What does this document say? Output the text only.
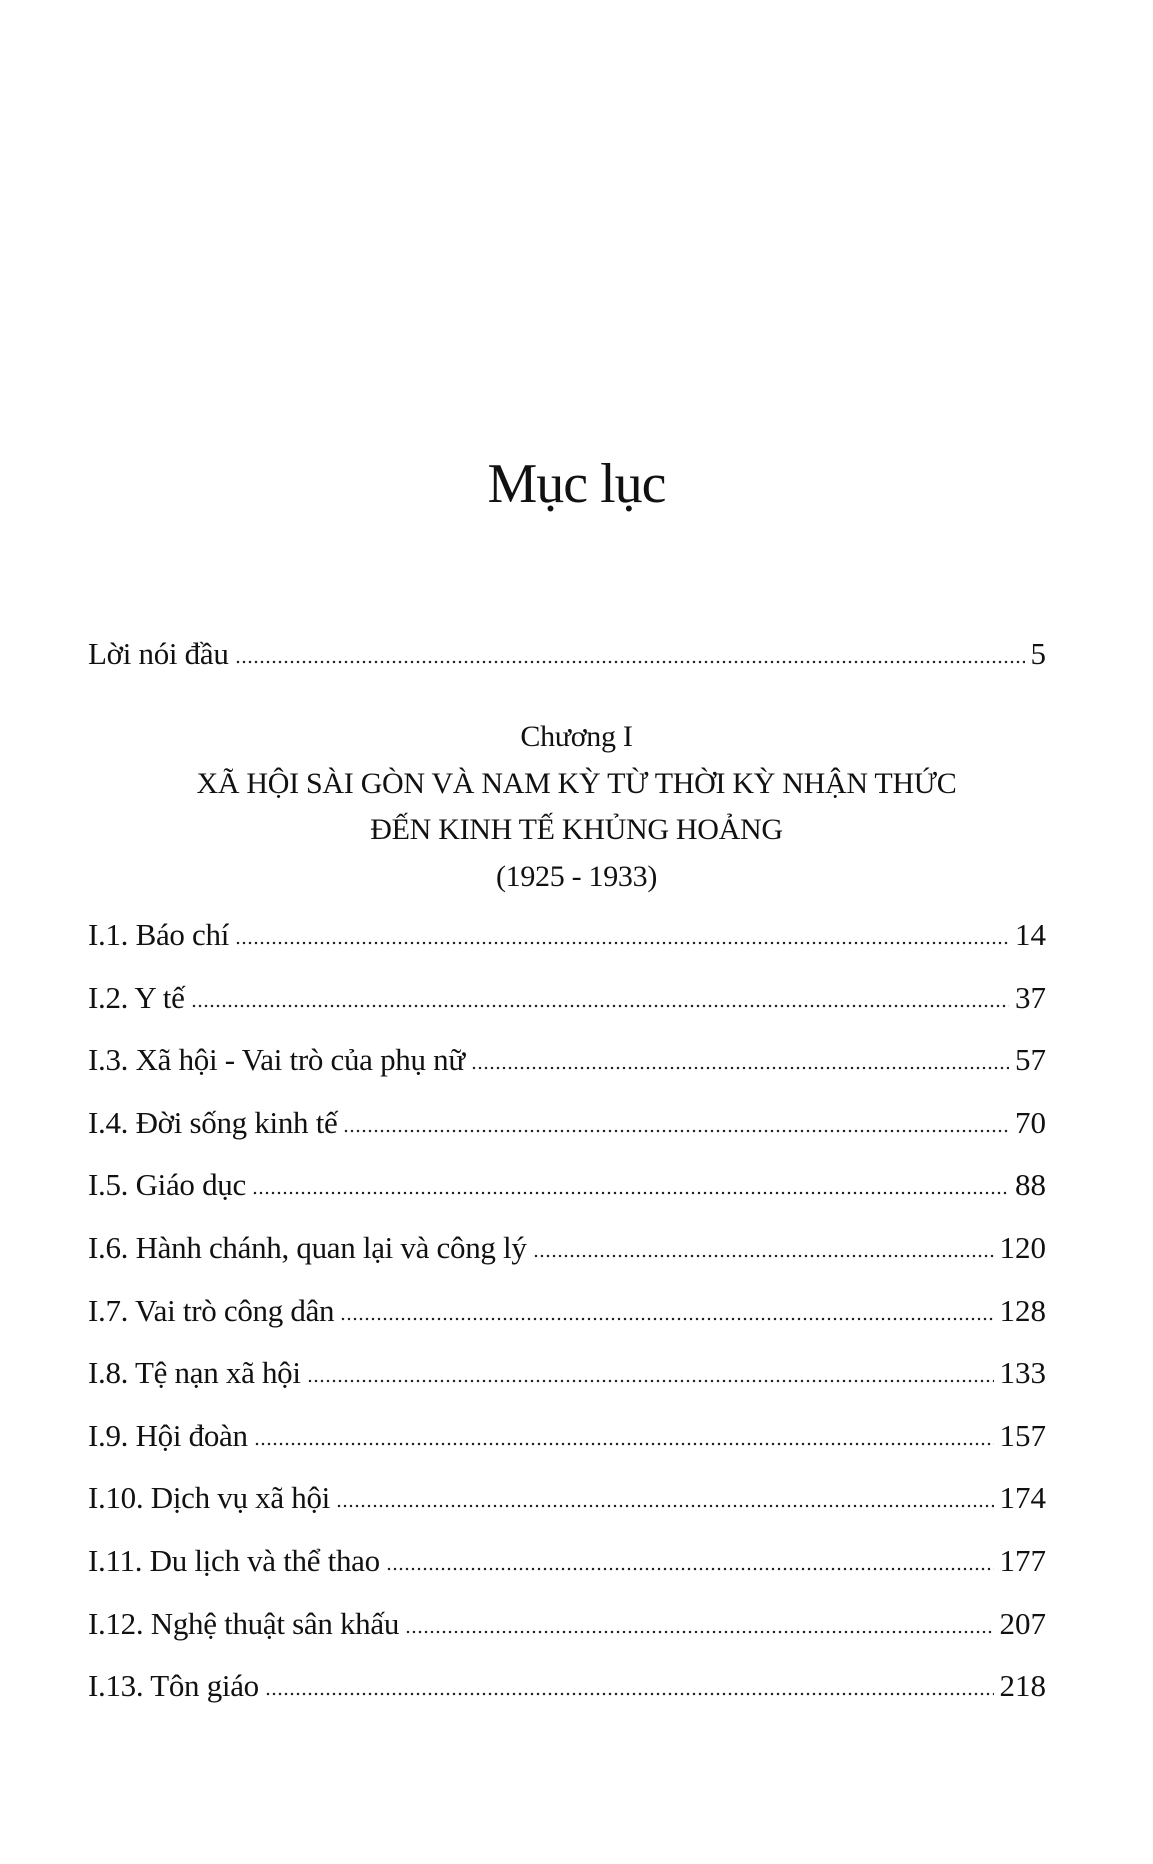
Mục lục
Lời nói đầu	5
Chương I
XÃ HỘI SÀI GÒN VÀ NAM KỲ TỪ THỜI KỲ NHẬN THỨC
ĐẾN KINH TẾ KHỦNG HOẢNG
(1925 - 1933)
I.1. Báo chí	14
I.2. Y tế	37
I.3. Xã hội - Vai trò của phụ nữ	57
I.4. Đời sống kinh tế	70
I.5. Giáo dục	88
I.6. Hành chánh, quan lại và công lý	120
I.7. Vai trò công dân	128
I.8. Tệ nạn xã hội	133
I.9. Hội đoàn	157
I.10. Dịch vụ xã hội	174
I.11. Du lịch và thể thao	177
I.12. Nghệ thuật sân khấu	207
I.13. Tôn giáo	218
